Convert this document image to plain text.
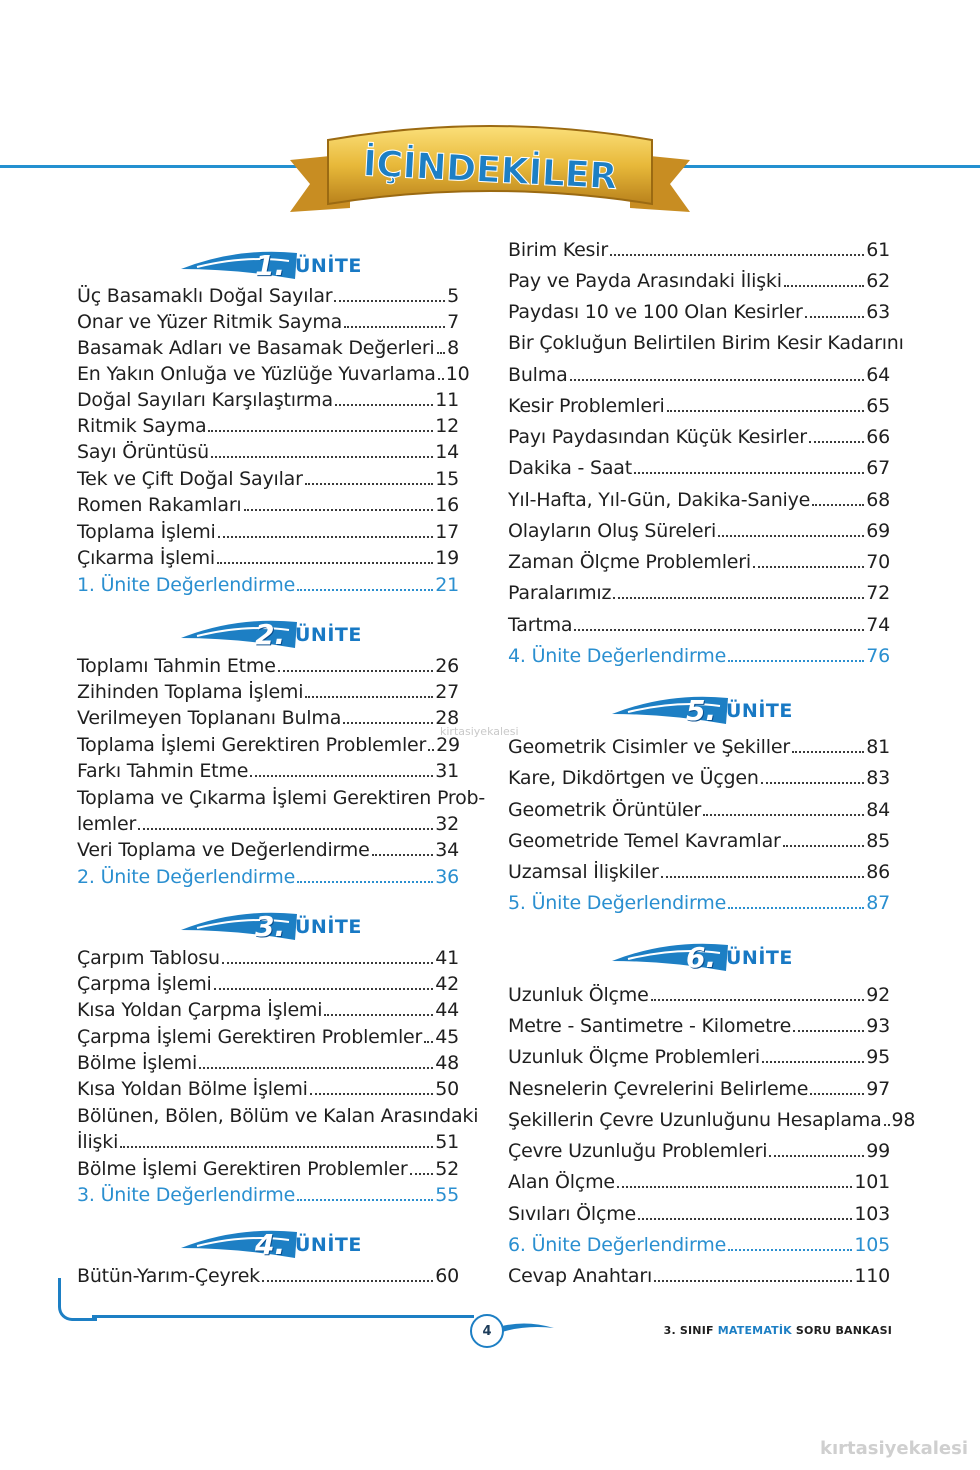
İÇİNDEKİLER
1. ÜNİTE
Üç Basamaklı Doğal Sayılar	5
Onar ve Yüzer Ritmik Sayma	7
Basamak Adları ve Basamak Değerleri 8
En Yakın Onluğa ve Yüzlüğe Yuvarlama 10
Doğal Sayıları Karşılaştırma	11
Ritmik Sayma	12
Sayı Örüntüsü	14
Tek ve Çift Doğal Sayılar	15
Romen Rakamları	16
Toplama İşlemi	17
Çıkarma İşlemi	19
1. Ünite Değerlendirme	21
2. ÜNİTE
Toplamı Tahmin Etme	26
Zihinden Toplama İşlemi	27
Verilmeyen Toplananı Bulma	28
Toplama İşlemi Gerektiren Problemler 29
Farkı Tahmin Etme	31
Toplama ve Çıkarma İşlemi Gerektiren Prob-
lemler	32
Veri Toplama ve Değerlendirme	34
2. Ünite Değerlendirme	36
3. ÜNİTE
Çarpım Tablosu	41
Çarpma İşlemi	42
Kısa Yoldan Çarpma İşlemi	44
Çarpma İşlemi Gerektiren Problemler 45
Bölme İşlemi	48
Kısa Yoldan Bölme İşlemi	50
Bölünen, Bölen, Bölüm ve Kalan Arasındaki
İlişki	51
Bölme İşlemi Gerektiren Problemler 52
3. Ünite Değerlendirme	55
4. ÜNİTE
Bütün-Yarım-Çeyrek	60
Birim Kesir	61
Pay ve Payda Arasındaki İlişki	62
Paydası 10 ve 100 Olan Kesirler	63
Bir Çokluğun Belirtilen Birim Kesir Kadarını
Bulma	64
Kesir Problemleri	65
Payı Paydasından Küçük Kesirler	66
Dakika - Saat	67
Yıl-Hafta, Yıl-Gün, Dakika-Saniye	68
Olayların Oluş Süreleri	69
Zaman Ölçme Problemleri	70
Paralarımız	72
Tartma	74
4. Ünite Değerlendirme	76
5. ÜNİTE
Geometrik Cisimler ve Şekiller	81
Kare, Dikdörtgen ve Üçgen	83
Geometrik Örüntüler	84
Geometride Temel Kavramlar	85
Uzamsal İlişkiler	86
5. Ünite Değerlendirme	87
6. ÜNİTE
Uzunluk Ölçme	92
Metre - Santimetre - Kilometre	93
Uzunluk Ölçme Problemleri	95
Nesnelerin Çevrelerini Belirleme	97
Şekillerin Çevre Uzunluğunu Hesaplama 98
Çevre Uzunluğu Problemleri	99
Alan Ölçme	101
Sıvıları Ölçme	103
6. Ünite Değerlendirme	105
Cevap Anahtarı	110
4	3. SINIF MATEMATİK SORU BANKASI
kirtasiyekalesi
kırtasiyekalesi
